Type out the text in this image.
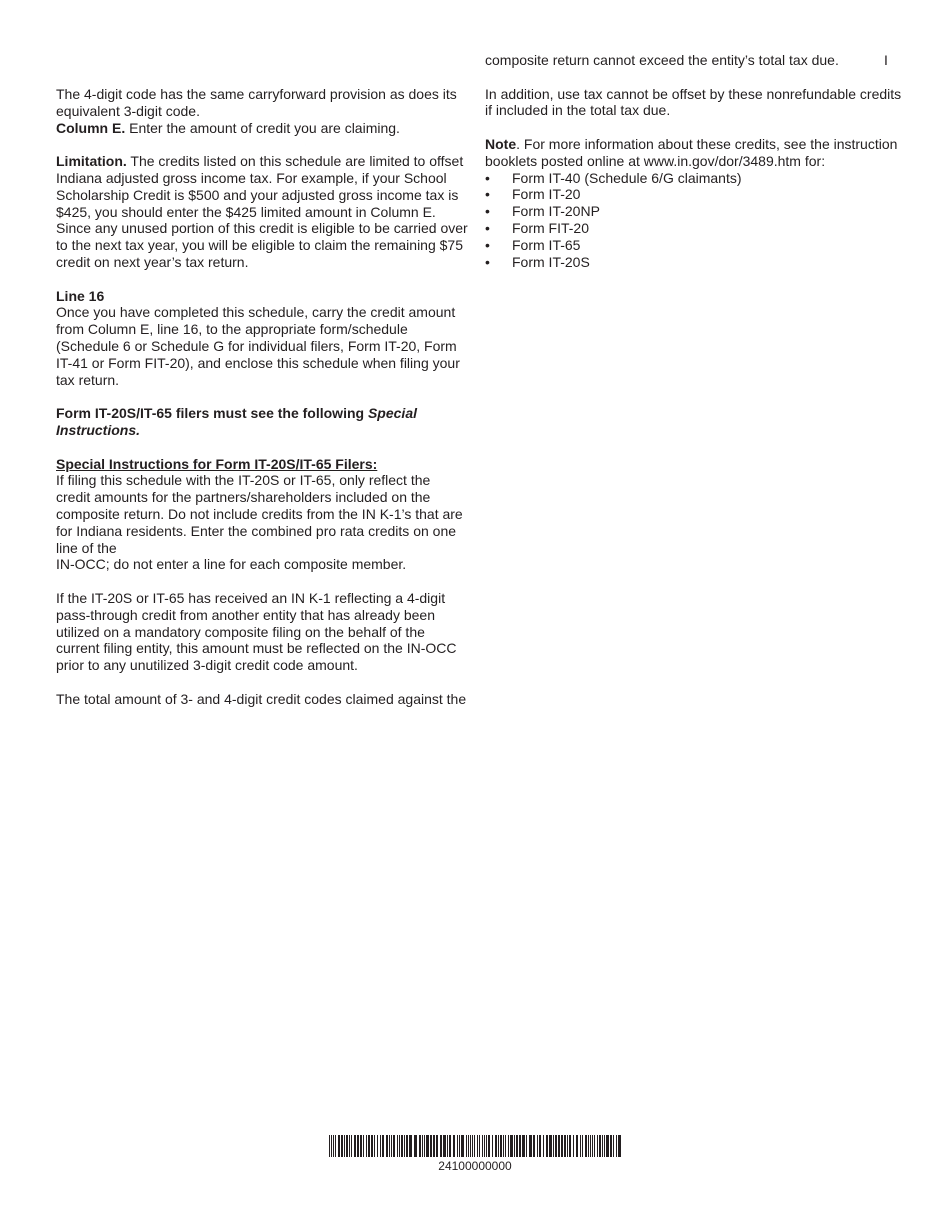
The 4-digit code has the same carryforward provision as does its equivalent 3-digit code.

Column E. Enter the amount of credit you are claiming.

Limitation. The credits listed on this schedule are limited to offset Indiana adjusted gross income tax. For example, if your School Scholarship Credit is $500 and your adjusted gross income tax is $425, you should enter the $425 limited amount in Column E. Since any unused portion of this credit is eligible to be carried over to the next tax year, you will be eligible to claim the remaining $75 credit on next year’s tax return.

Line 16

Once you have completed this schedule, carry the credit amount from Column E, line 16, to the appropriate form/schedule (Schedule 6 or Schedule G for individual filers, Form IT-20, Form IT-41 or Form FIT-20), and enclose this schedule when filing your tax return.

Form IT-20S/IT-65 filers must see the following Special Instructions.

Special Instructions for Form IT-20S/IT-65 Filers:

If filing this schedule with the IT-20S or IT-65, only reflect the credit amounts for the partners/shareholders included on the composite return. Do not include credits from the IN K-1’s that are for Indiana residents. Enter the combined pro rata credits on one line of the

IN-OCC; do not enter a line for each composite member.

If the IT-20S or IT-65 has received an IN K-1 reflecting a 4-digit pass-through credit from another entity that has already been utilized on a mandatory composite filing on the behalf of the current filing entity, this amount must be reflected on the IN-OCC prior to any unutilized 3-digit credit code amount.

The total amount of 3- and 4-digit credit codes claimed against the

composite return cannot exceed the entity’s total tax due.

In addition, use tax cannot be offset by these nonrefundable credits if included in the total tax due.

Note. For more information about these credits, see the instruction booklets posted online at www.in.gov/dor/3489.htm for:

• Form IT-40 (Schedule 6/G claimants)
• Form IT-20
• Form IT-20NP
• Form FIT-20
• Form IT-65
• Form IT-20S
I
24100000000
